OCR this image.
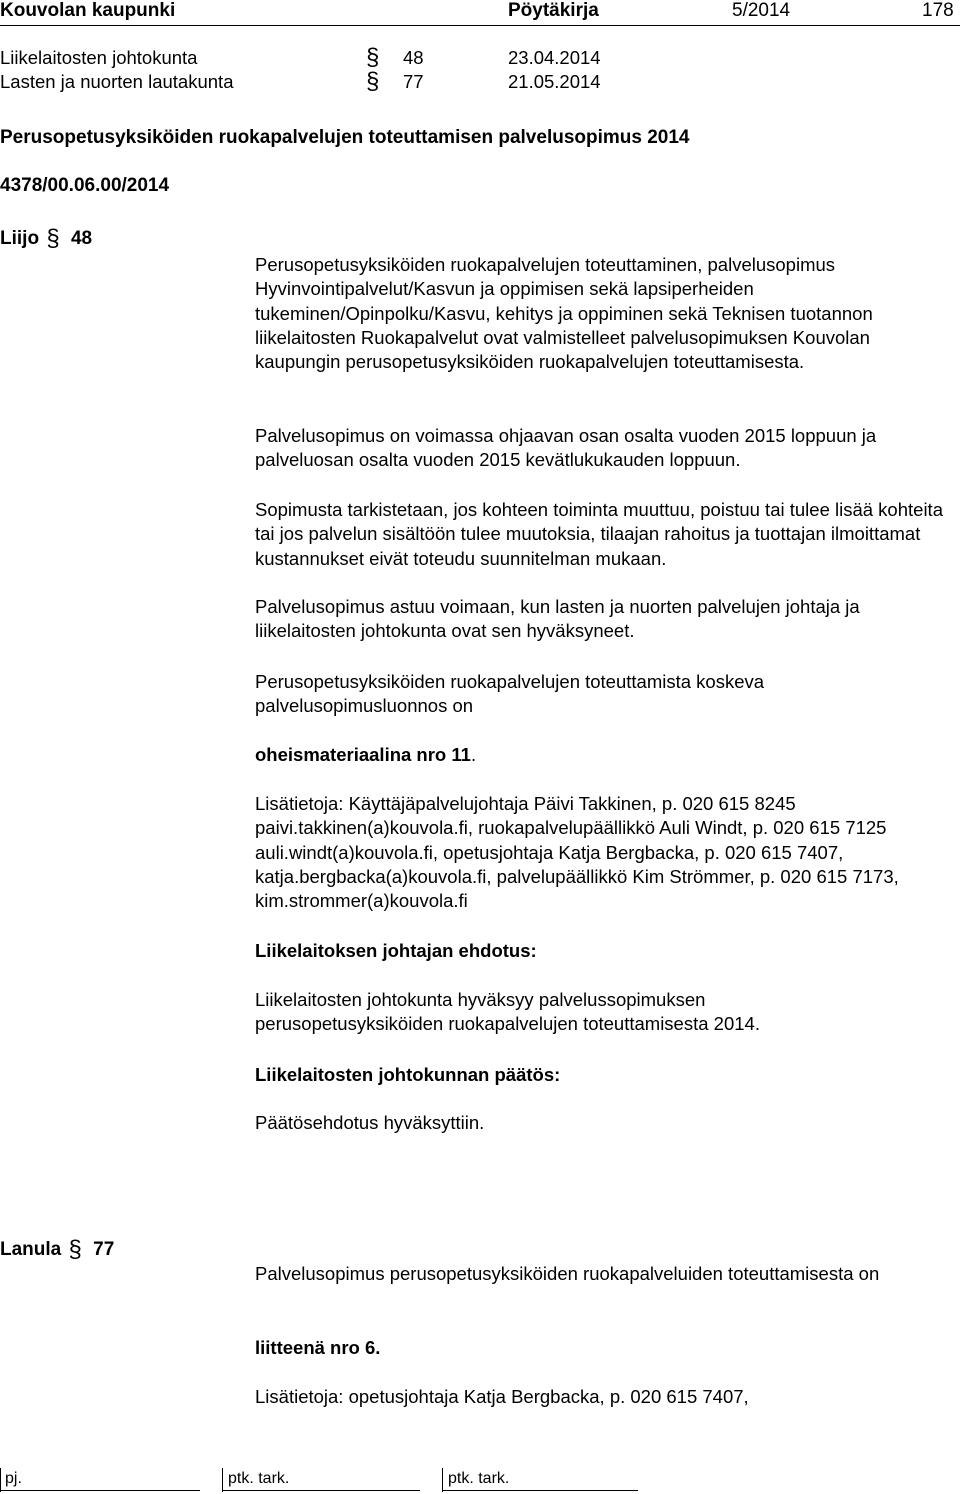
Kouvolan kaupunki	Pöytäkirja	5/2014	178
Liikelaitosten johtokunta	§ 48	23.04.2014
Lasten ja nuorten lautakunta	§ 77	21.05.2014
Perusopetusyksiköiden ruokapalvelujen toteuttamisen palvelusopimus 2014
4378/00.06.00/2014
Liijo § 48

Perusopetusyksiköiden ruokapalvelujen toteuttaminen, palvelusopimus Hyvinvointipalvelut/Kasvun ja oppimisen sekä lapsiperheiden tukeminen/Opinpolku/Kasvu, kehitys ja oppiminen sekä Teknisen tuotannon liikelaitosten Ruokapalvelut ovat valmistelleet palvelusopimuksen Kouvolan kaupungin perusopetusyksiköiden ruokapalvelujen toteuttamisesta.

Palvelusopimus on voimassa ohjaavan osan osalta vuoden 2015 loppuun ja palveluosan osalta vuoden 2015 kevätlukukauden loppuun.

Sopimusta tarkistetaan, jos kohteen toiminta muuttuu, poistuu tai tulee lisää kohteita tai jos palvelun sisältöön tulee muutoksia, tilaajan rahoitus ja tuottajan ilmoittamat kustannukset eivät toteudu suunnitelman mukaan.

Palvelusopimus astuu voimaan, kun lasten ja nuorten palvelujen johtaja ja liikelaitosten johtokunta ovat sen hyväksyneet.

Perusopetusyksiköiden ruokapalvelujen toteuttamista koskeva palvelusopimusluonnos on

oheismateriaalina nro 11.

Lisätietoja: Käyttäjäpalvelujohtaja Päivi Takkinen, p. 020 615 8245 paivi.takkinen(a)kouvola.fi, ruokapalvelupäällikkö Auli Windt, p. 020 615 7125 auli.windt(a)kouvola.fi, opetusjohtaja Katja Bergbacka, p. 020 615 7407, katja.bergbacka(a)kouvola.fi, palvelupäällikkö Kim Strömmer, p. 020 615 7173, kim.strommer(a)kouvola.fi

Liikelaitoksen johtajan ehdotus:

Liikelaitosten johtokunta hyväksyy palvelussopimuksen perusopetusyksiköiden ruokapalvelujen toteuttamisesta 2014.

Liikelaitosten johtokunnan päätös:

Päätösehdotus hyväksyttiin.

Lanula § 77

Palvelusopimus perusopetusyksiköiden ruokapalveluiden toteuttamisesta on

liitteenä nro 6.

Lisätietoja: opetusjohtaja Katja Bergbacka, p. 020 615 7407,

pj.	ptk. tark.	ptk. tark.
